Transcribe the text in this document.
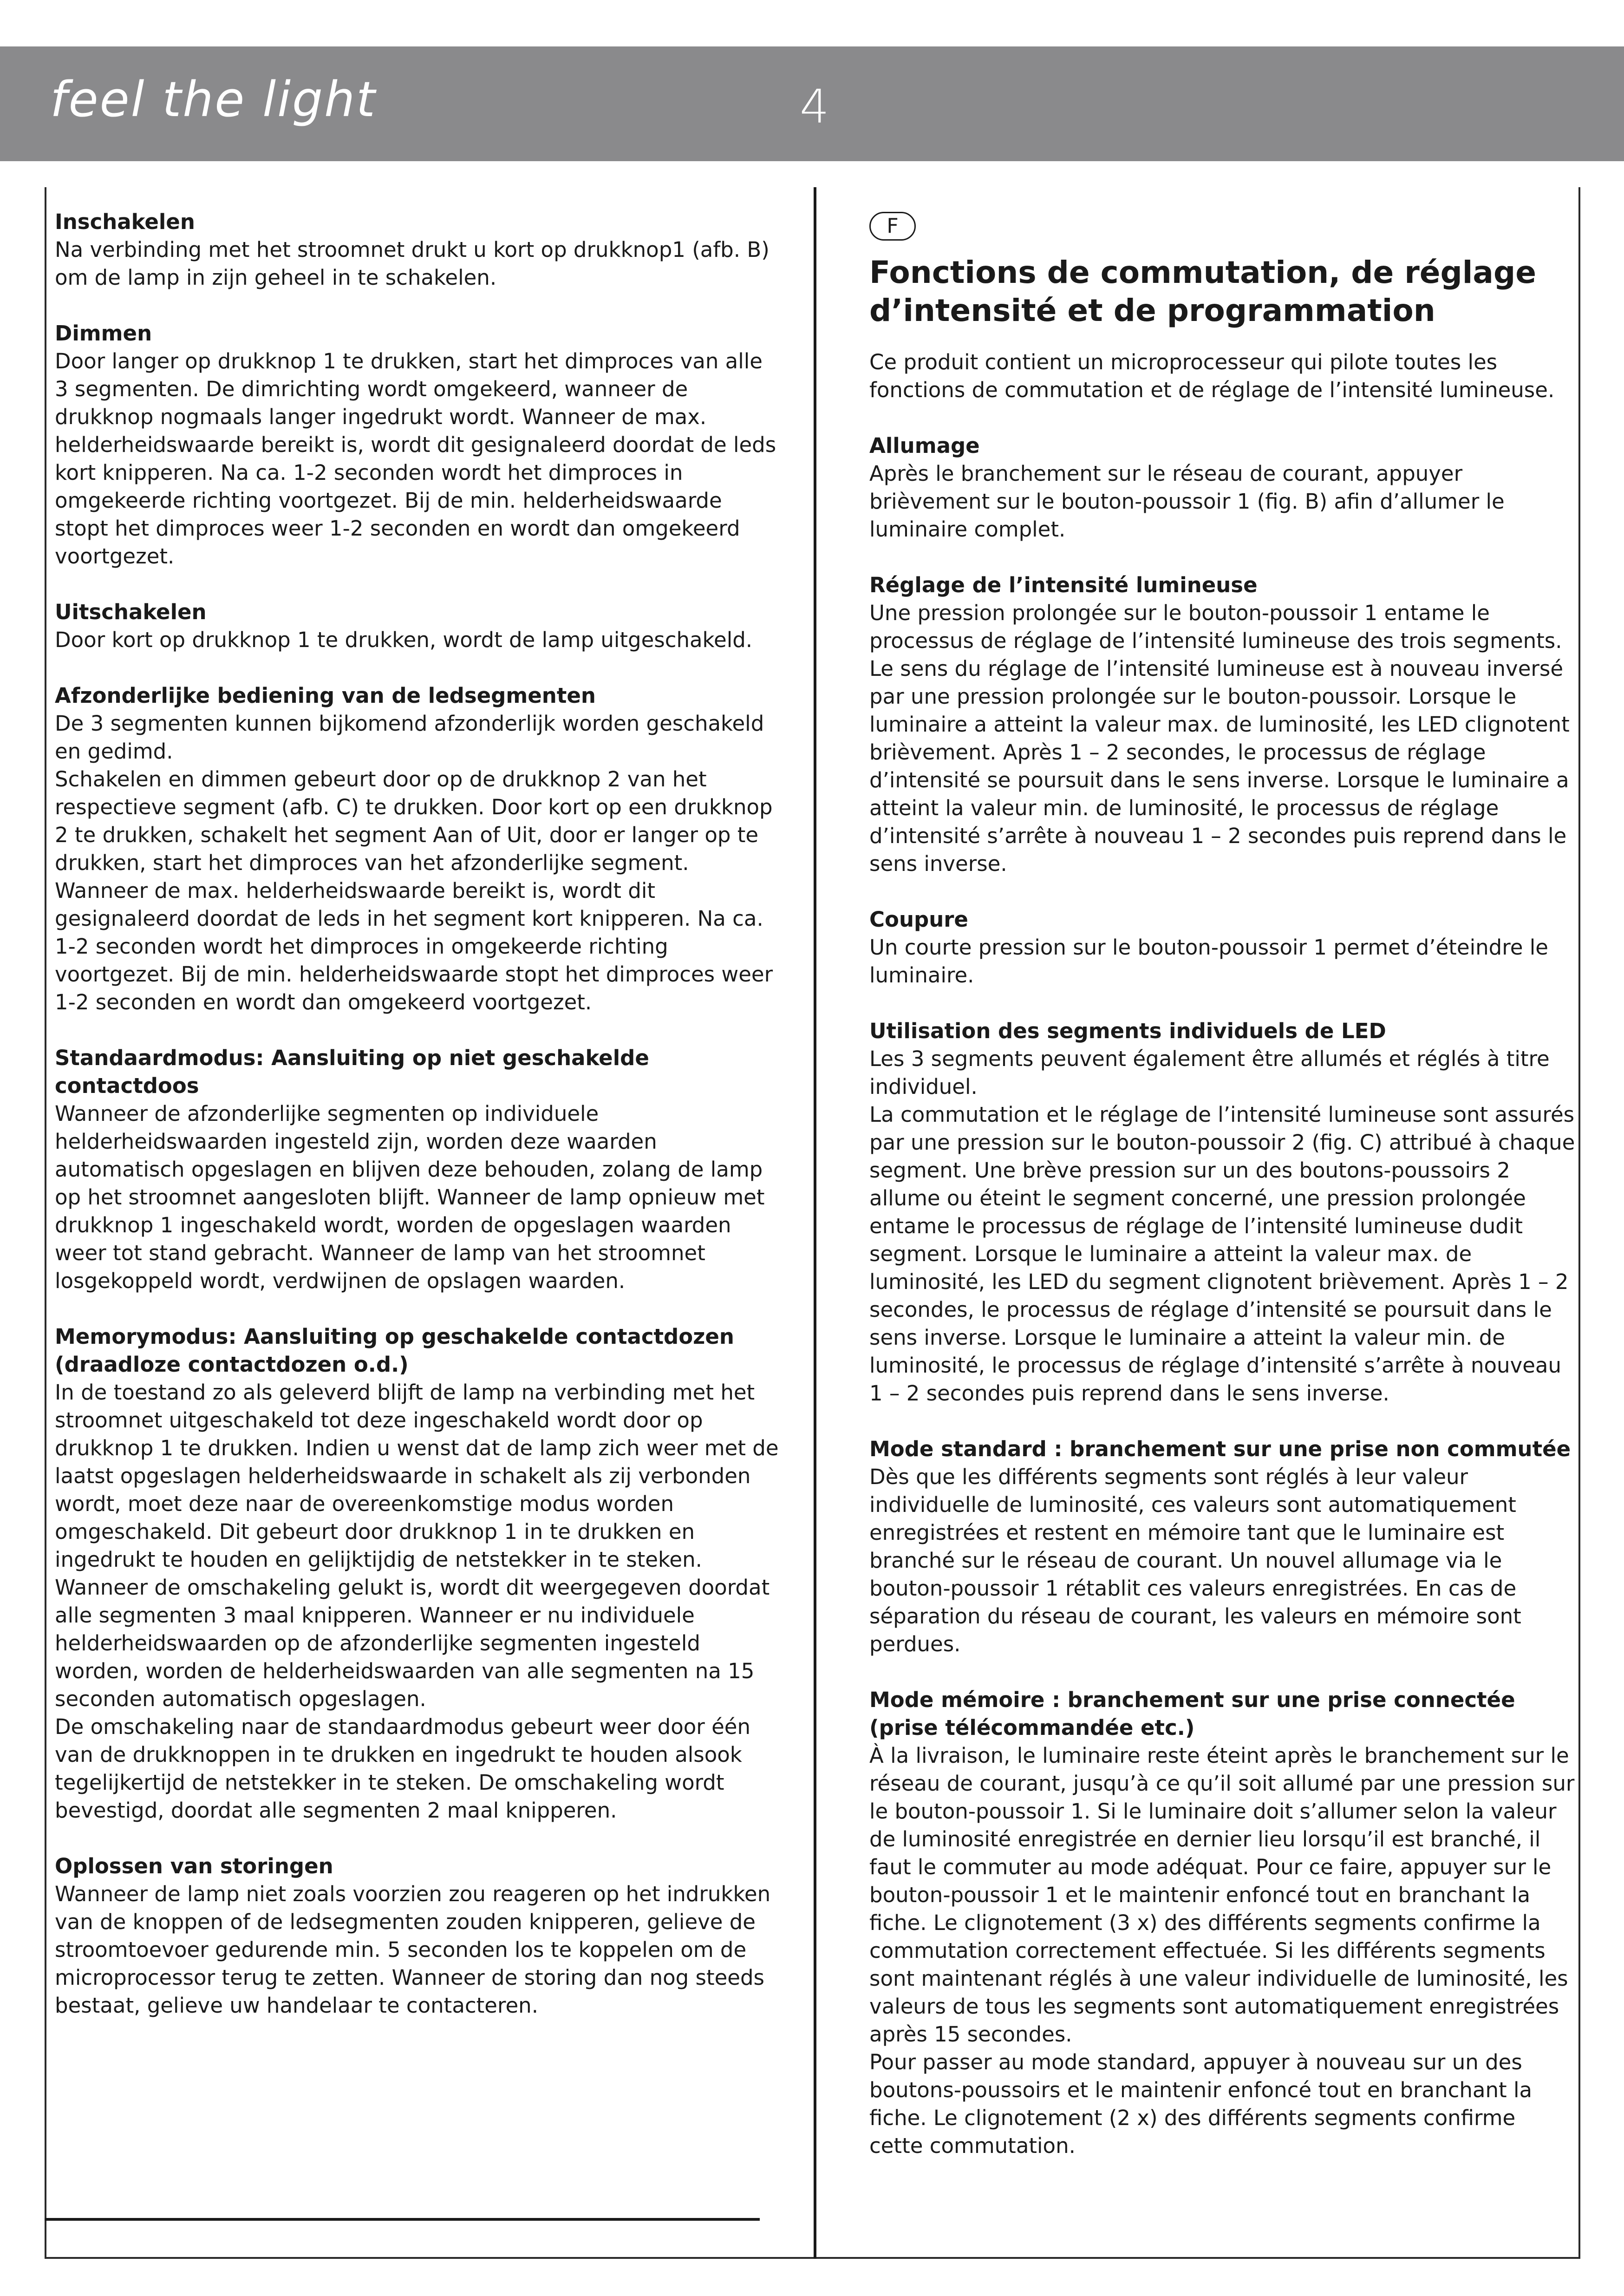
feel the light	4
Inschakelen

Na verbinding met het stroomnet drukt u kort op drukknop1 (afb. B) om de lamp in zijn geheel in te schakelen.

Dimmen

Door langer op drukknop 1 te drukken, start het dimproces van alle 3 segmenten. De dimrichting wordt omgekeerd, wanneer de drukknop nogmaals langer ingedrukt wordt. Wanneer de max. helderheidswaarde bereikt is, wordt dit gesignaleerd doordat de leds kort knipperen. Na ca. 1-2 seconden wordt het dimproces in omgekeerde richting voortgezet. Bij de min. helderheidswaarde stopt het dimproces weer 1-2 seconden en wordt dan omgekeerd voortgezet.

Uitschakelen

Door kort op drukknop 1 te drukken, wordt de lamp uitgeschakeld.

Afzonderlijke bediening van de ledsegmenten

De 3 segmenten kunnen bijkomend afzonderlijk worden geschakeld en gedimd.

Schakelen en dimmen gebeurt door op de drukknop 2 van het respectieve segment (afb. C) te drukken. Door kort op een drukknop 2 te drukken, schakelt het segment Aan of Uit, door er langer op te drukken, start het dimproces van het afzonderlijke segment. Wanneer de max. helderheidswaarde bereikt is, wordt dit gesignaleerd doordat de leds in het segment kort knipperen. Na ca. 1-2 seconden wordt het dimproces in omgekeerde richting voortgezet. Bij de min. helderheidswaarde stopt het dimproces weer 1-2 seconden en wordt dan omgekeerd voortgezet.

Standaardmodus: Aansluiting op niet geschakelde contactdoos

Wanneer de afzonderlijke segmenten op individuele helderheidswaarden ingesteld zijn, worden deze waarden automatisch opgeslagen en blijven deze behouden, zolang de lamp op het stroomnet aangesloten blijft. Wanneer de lamp opnieuw met drukknop 1 ingeschakeld wordt, worden de opgeslagen waarden weer tot stand gebracht. Wanneer de lamp van het stroomnet losgekoppeld wordt, verdwijnen de opslagen waarden.

Memorymodus: Aansluiting op geschakelde contactdozen (draadloze contactdozen o.d.)

In de toestand zo als geleverd blijft de lamp na verbinding met het stroomnet uitgeschakeld tot deze ingeschakeld wordt door op drukknop 1 te drukken. Indien u wenst dat de lamp zich weer met de laatst opgeslagen helderheidswaarde in schakelt als zij verbonden wordt, moet deze naar de overeenkomstige modus worden omgeschakeld. Dit gebeurt door drukknop 1 in te drukken en ingedrukt te houden en gelijktijdig de netstekker in te steken. Wanneer de omschakeling gelukt is, wordt dit weergegeven doordat alle segmenten 3 maal knipperen. Wanneer er nu individuele helderheidswaarden op de afzonderlijke segmenten ingesteld worden, worden de helderheidswaarden van alle segmenten na 15 seconden automatisch opgeslagen.

De omschakeling naar de standaardmodus gebeurt weer door één van de drukknoppen in te drukken en ingedrukt te houden alsook tegelijkertijd de netstekker in te steken. De omschakeling wordt bevestigd, doordat alle segmenten 2 maal knipperen.

Oplossen van storingen

Wanneer de lamp niet zoals voorzien zou reageren op het indrukken van de knoppen of de ledsegmenten zouden knipperen, gelieve de stroomtoevoer gedurende min. 5 seconden los te koppelen om de microprocessor terug te zetten. Wanneer de storing dan nog steeds bestaat, gelieve uw handelaar te contacteren.

F
Fonctions de commutation, de réglage d’intensité et de programmation

Ce produit contient un microprocesseur qui pilote toutes les fonctions de commutation et de réglage de l’intensité lumineuse.

Allumage

Après le branchement sur le réseau de courant, appuyer brièvement sur le bouton-poussoir 1 (fig. B) afin d’allumer le luminaire complet.

Réglage de l’intensité lumineuse

Une pression prolongée sur le bouton-poussoir 1 entame le processus de réglage de l’intensité lumineuse des trois segments. Le sens du réglage de l’intensité lumineuse est à nouveau inversé par une pression prolongée sur le bouton-poussoir. Lorsque le luminaire a atteint la valeur max. de luminosité, les LED clignotent brièvement. Après 1 – 2 secondes, le processus de réglage d’intensité se poursuit dans le sens inverse. Lorsque le luminaire a atteint la valeur min. de luminosité, le processus de réglage d’intensité s’arrête à nouveau 1 – 2 secondes puis reprend dans le sens inverse.

Coupure

Un courte pression sur le bouton-poussoir 1 permet d’éteindre le luminaire.

Utilisation des segments individuels de LED

Les 3 segments peuvent également être allumés et réglés à titre individuel.

La commutation et le réglage de l’intensité lumineuse sont assurés par une pression sur le bouton-poussoir 2 (fig. C) attribué à chaque segment. Une brève pression sur un des boutons-poussoirs 2 allume ou éteint le segment concerné, une pression prolongée entame le processus de réglage de l’intensité lumineuse dudit segment. Lorsque le luminaire a atteint la valeur max. de luminosité, les LED du segment clignotent brièvement. Après 1 – 2 secondes, le processus de réglage d’intensité se poursuit dans le sens inverse. Lorsque le luminaire a atteint la valeur min. de luminosité, le processus de réglage d’intensité s’arrête à nouveau 1 – 2 secondes puis reprend dans le sens inverse.

Mode standard : branchement sur une prise non commutée

Dès que les différents segments sont réglés à leur valeur individuelle de luminosité, ces valeurs sont automatiquement enregistrées et restent en mémoire tant que le luminaire est branché sur le réseau de courant. Un nouvel allumage via le bouton-poussoir 1 rétablit ces valeurs enregistrées. En cas de séparation du réseau de courant, les valeurs en mémoire sont perdues.

Mode mémoire : branchement sur une prise connectée (prise télécommandée etc.)

À la livraison, le luminaire reste éteint après le branchement sur le réseau de courant, jusqu’à ce qu’il soit allumé par une pression sur le bouton-poussoir 1. Si le luminaire doit s’allumer selon la valeur de luminosité enregistrée en dernier lieu lorsqu’il est branché, il faut le commuter au mode adéquat. Pour ce faire, appuyer sur le bouton-poussoir 1 et le maintenir enfoncé tout en branchant la fiche. Le clignotement (3 x) des différents segments confirme la commutation correctement effectuée. Si les différents segments sont maintenant réglés à une valeur individuelle de luminosité, les valeurs de tous les segments sont automatiquement enregistrées après 15 secondes.

Pour passer au mode standard, appuyer à nouveau sur un des boutons-poussoirs et le maintenir enfoncé tout en branchant la fiche. Le clignotement (2 x) des différents segments confirme cette commutation.
